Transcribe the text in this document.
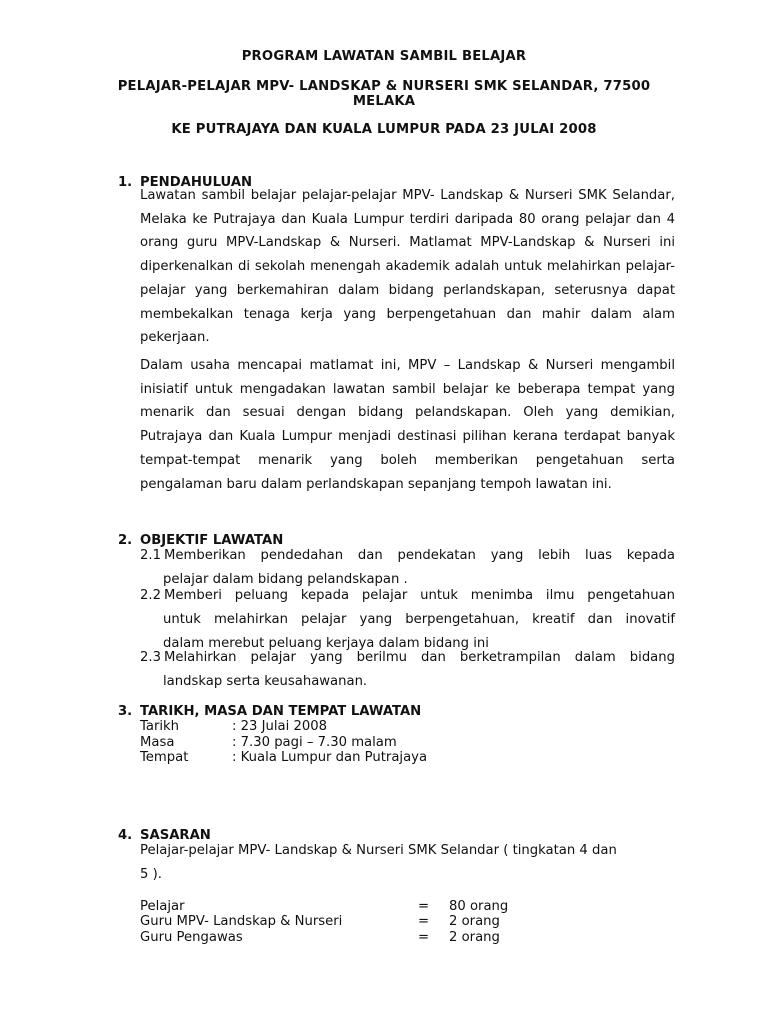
PROGRAM LAWATAN SAMBIL BELAJAR
PELAJAR-PELAJAR MPV- LANDSKAP & NURSERI SMK SELANDAR, 77500
MELAKA
KE PUTRAJAYA DAN KUALA LUMPUR PADA 23 JULAI 2008
1. PENDAHULUAN

Lawatan sambil belajar pelajar-pelajar MPV- Landskap & Nurseri SMK Selandar, Melaka ke Putrajaya dan Kuala Lumpur terdiri daripada 80 orang pelajar dan 4 orang guru MPV-Landskap & Nurseri. Matlamat MPV-Landskap & Nurseri ini diperkenalkan di sekolah menengah akademik adalah untuk melahirkan pelajar-pelajar yang berkemahiran dalam bidang perlandskapan, seterusnya dapat membekalkan tenaga kerja yang berpengetahuan dan mahir dalam alam pekerjaan.

Dalam usaha mencapai matlamat ini, MPV – Landskap & Nurseri mengambil inisiatif untuk mengadakan lawatan sambil belajar ke beberapa tempat yang menarik dan sesuai dengan bidang pelandskapan. Oleh yang demikian, Putrajaya dan Kuala Lumpur menjadi destinasi pilihan kerana terdapat banyak tempat-tempat menarik yang boleh memberikan pengetahuan serta pengalaman baru dalam perlandskapan sepanjang tempoh lawatan ini.

2. OBJEKTIF LAWATAN
2.1 Memberikan pendedahan dan pendekatan yang lebih luas kepada
pelajar dalam bidang pelandskapan .
2.2 Memberi peluang kepada pelajar untuk menimba ilmu pengetahuan
untuk melahirkan pelajar yang berpengetahuan, kreatif dan inovatif
dalam merebut peluang kerjaya dalam bidang ini
2.3 Melahirkan pelajar yang berilmu dan berketrampilan dalam bidang
landskap serta keusahawanan.
3. TARIKH, MASA DAN TEMPAT LAWATAN
Tarikh	: 23 Julai 2008
Masa	: 7.30 pagi – 7.30 malam
Tempat	: Kuala Lumpur dan Putrajaya
4. SASARAN
Pelajar-pelajar MPV- Landskap & Nurseri SMK Selandar ( tingkatan 4 dan
5 ).
Pelajar	= 80 orang
Guru MPV- Landskap & Nurseri	= 2 orang
Guru Pengawas	= 2 orang
